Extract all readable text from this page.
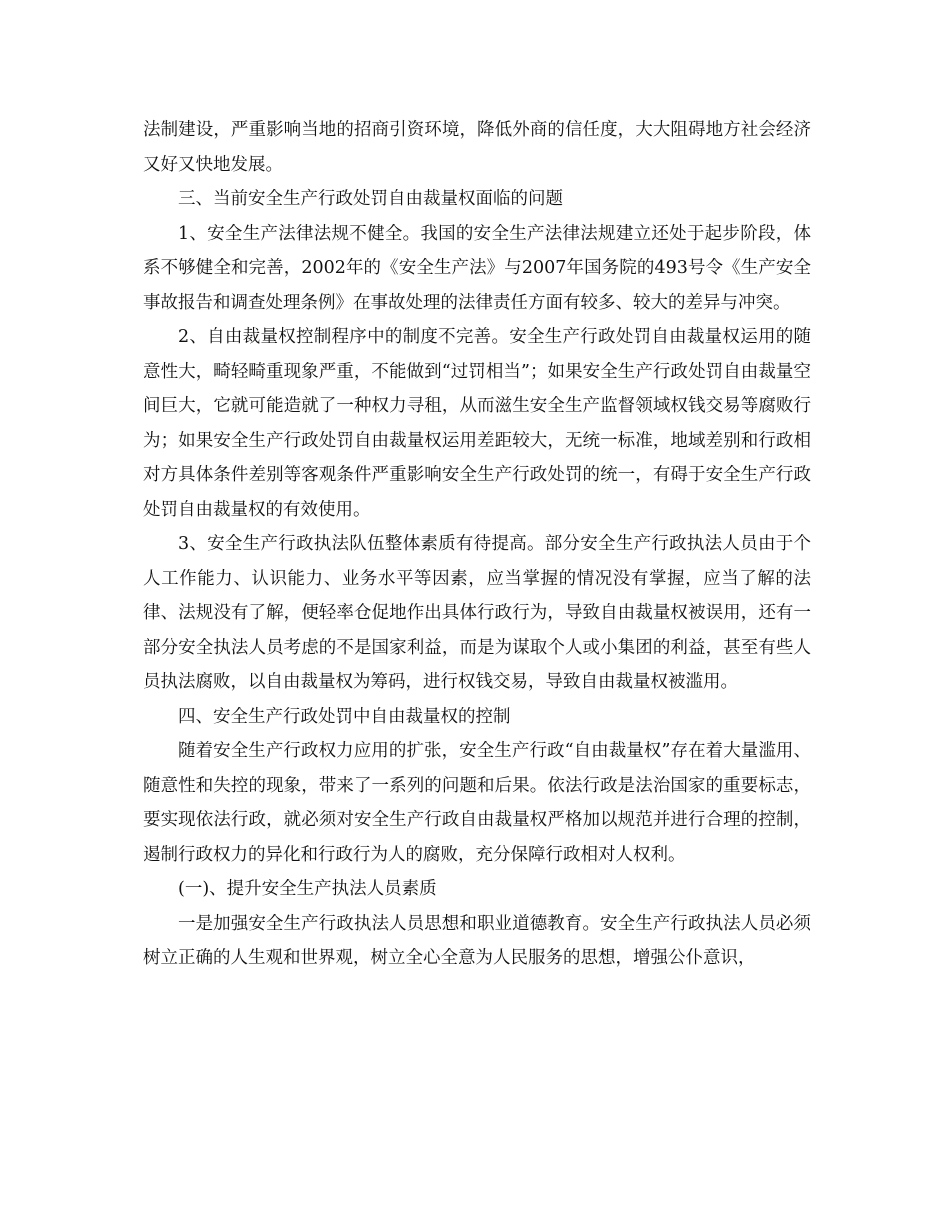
法制建设，严重影响当地的招商引资环境，降低外商的信任度，大大阻碍地方社会经济又好又快地发展。

三、当前安全生产行政处罚自由裁量权面临的问题

1、安全生产法律法规不健全。我国的安全生产法律法规建立还处于起步阶段，体系不够健全和完善，2002年的《安全生产法》与2007年国务院的493号令《生产安全事故报告和调查处理条例》在事故处理的法律责任方面有较多、较大的差异与冲突。

2、自由裁量权控制程序中的制度不完善。安全生产行政处罚自由裁量权运用的随意性大，畸轻畸重现象严重，不能做到“过罚相当”；如果安全生产行政处罚自由裁量空间巨大，它就可能造就了一种权力寻租，从而滋生安全生产监督领域权钱交易等腐败行为；如果安全生产行政处罚自由裁量权运用差距较大，无统一标准，地域差别和行政相对方具体条件差别等客观条件严重影响安全生产行政处罚的统一，有碍于安全生产行政处罚自由裁量权的有效使用。

3、安全生产行政执法队伍整体素质有待提高。部分安全生产行政执法人员由于个人工作能力、认识能力、业务水平等因素，应当掌握的情况没有掌握，应当了解的法律、法规没有了解，便轻率仓促地作出具体行政行为，导致自由裁量权被误用，还有一部分安全执法人员考虑的不是国家利益，而是为谋取个人或小集团的利益，甚至有些人员执法腐败，以自由裁量权为筹码，进行权钱交易，导致自由裁量权被滥用。

四、安全生产行政处罚中自由裁量权的控制

随着安全生产行政权力应用的扩张，安全生产行政“自由裁量权”存在着大量滥用、随意性和失控的现象，带来了一系列的问题和后果。依法行政是法治国家的重要标志，要实现依法行政，就必须对安全生产行政自由裁量权严格加以规范并进行合理的控制，遏制行政权力的异化和行政行为人的腐败，充分保障行政相对人权利。

(一)、提升安全生产执法人员素质

一是加强安全生产行政执法人员思想和职业道德教育。安全生产行政执法人员必须树立正确的人生观和世界观，树立全心全意为人民服务的思想，增强公仆意识，
